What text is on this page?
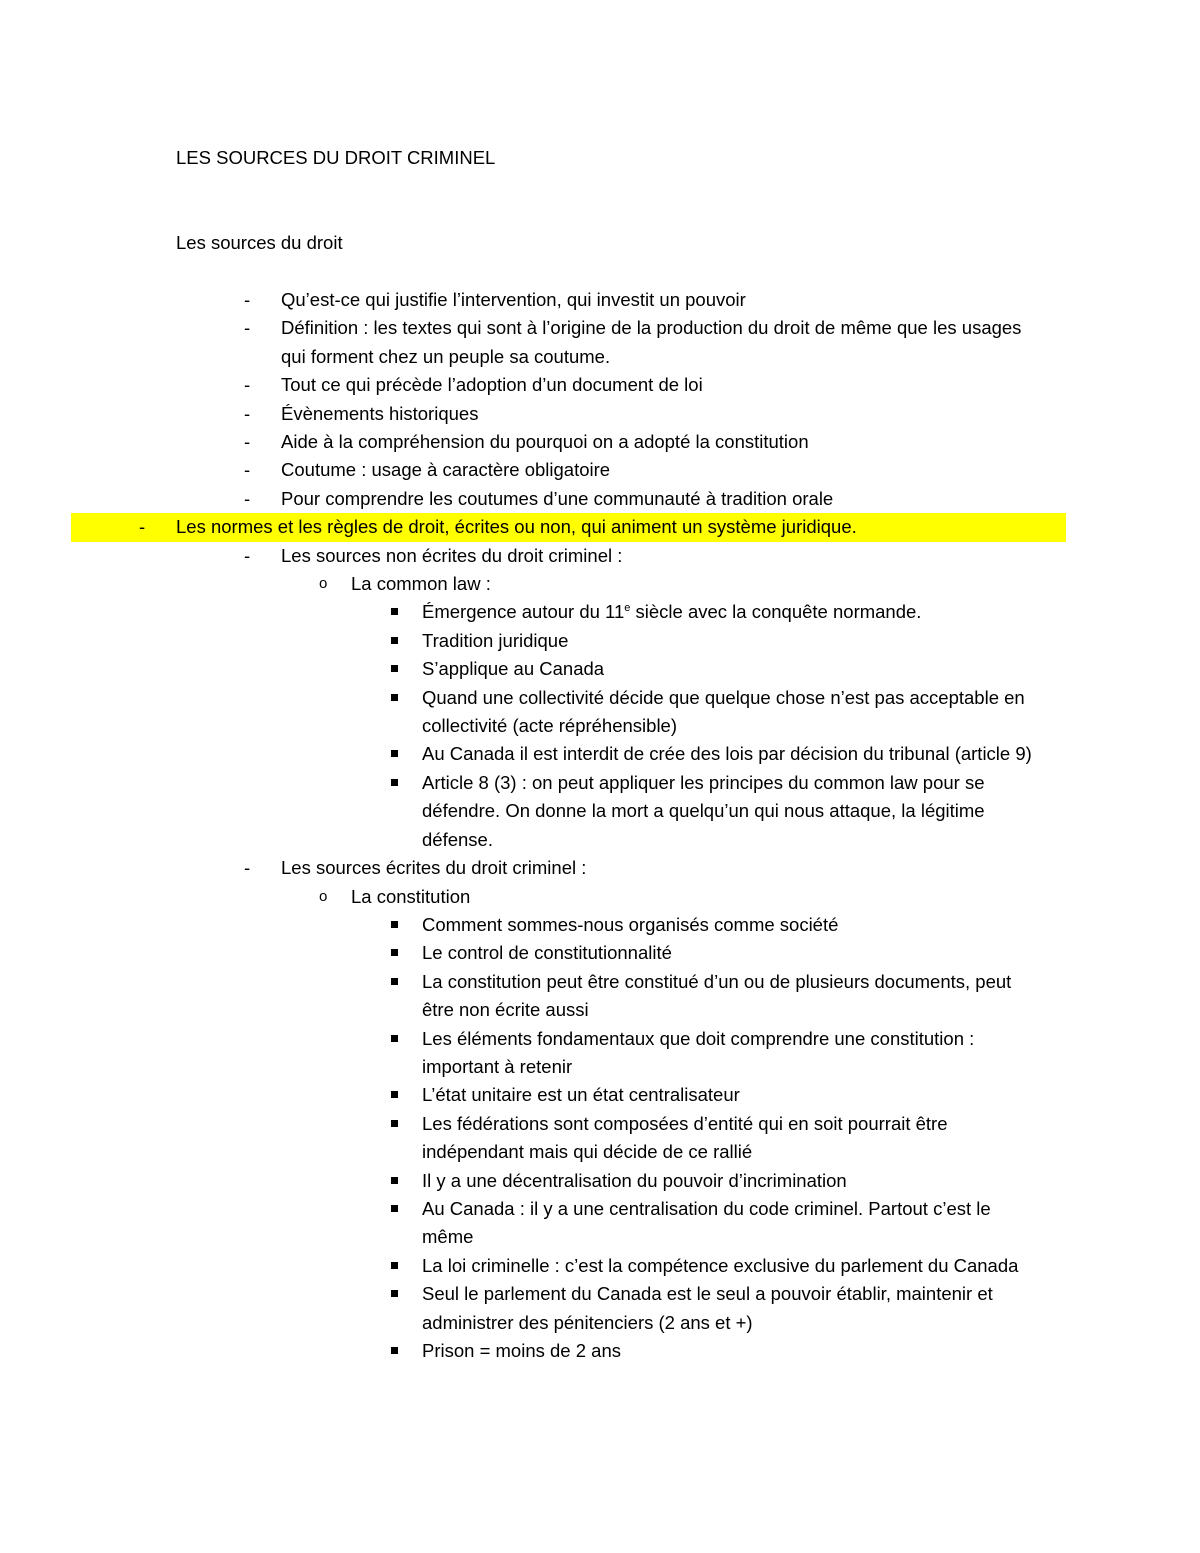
LES SOURCES DU DROIT CRIMINEL

Les sources du droit

- Qu’est-ce qui justifie l’intervention, qui investit un pouvoir
- Définition : les textes qui sont à l’origine de la production du droit de même que les usages qui forment chez un peuple sa coutume.
- Tout ce qui précède l’adoption d’un document de loi
- Évènements historiques
- Aide à la compréhension du pourquoi on a adopté la constitution
- Coutume : usage à caractère obligatoire
- Pour comprendre les coutumes d’une communauté à tradition orale
- Les normes et les règles de droit, écrites ou non, qui animent un système juridique.
- Les sources non écrites du droit criminel :
o La common law :
Émergence autour du 11e siècle avec la conquête normande.
Tradition juridique
S’applique au Canada
Quand une collectivité décide que quelque chose n’est pas acceptable en collectivité (acte répréhensible)
Au Canada il est interdit de crée des lois par décision du tribunal (article 9)
Article 8 (3) : on peut appliquer les principes du common law pour se défendre. On donne la mort a quelqu’un qui nous attaque, la légitime défense.
- Les sources écrites du droit criminel :
o La constitution
Comment sommes-nous organisés comme société
Le control de constitutionnalité
La constitution peut être constitué d’un ou de plusieurs documents, peut être non écrite aussi
Les éléments fondamentaux que doit comprendre une constitution : important à retenir
L’état unitaire est un état centralisateur
Les fédérations sont composées d’entité qui en soit pourrait être indépendant mais qui décide de ce rallié
Il y a une décentralisation du pouvoir d’incrimination
Au Canada : il y a une centralisation du code criminel. Partout c’est le même
La loi criminelle : c’est la compétence exclusive du parlement du Canada
Seul le parlement du Canada est le seul a pouvoir établir, maintenir et administrer des pénitenciers (2 ans et +)
Prison = moins de 2 ans
